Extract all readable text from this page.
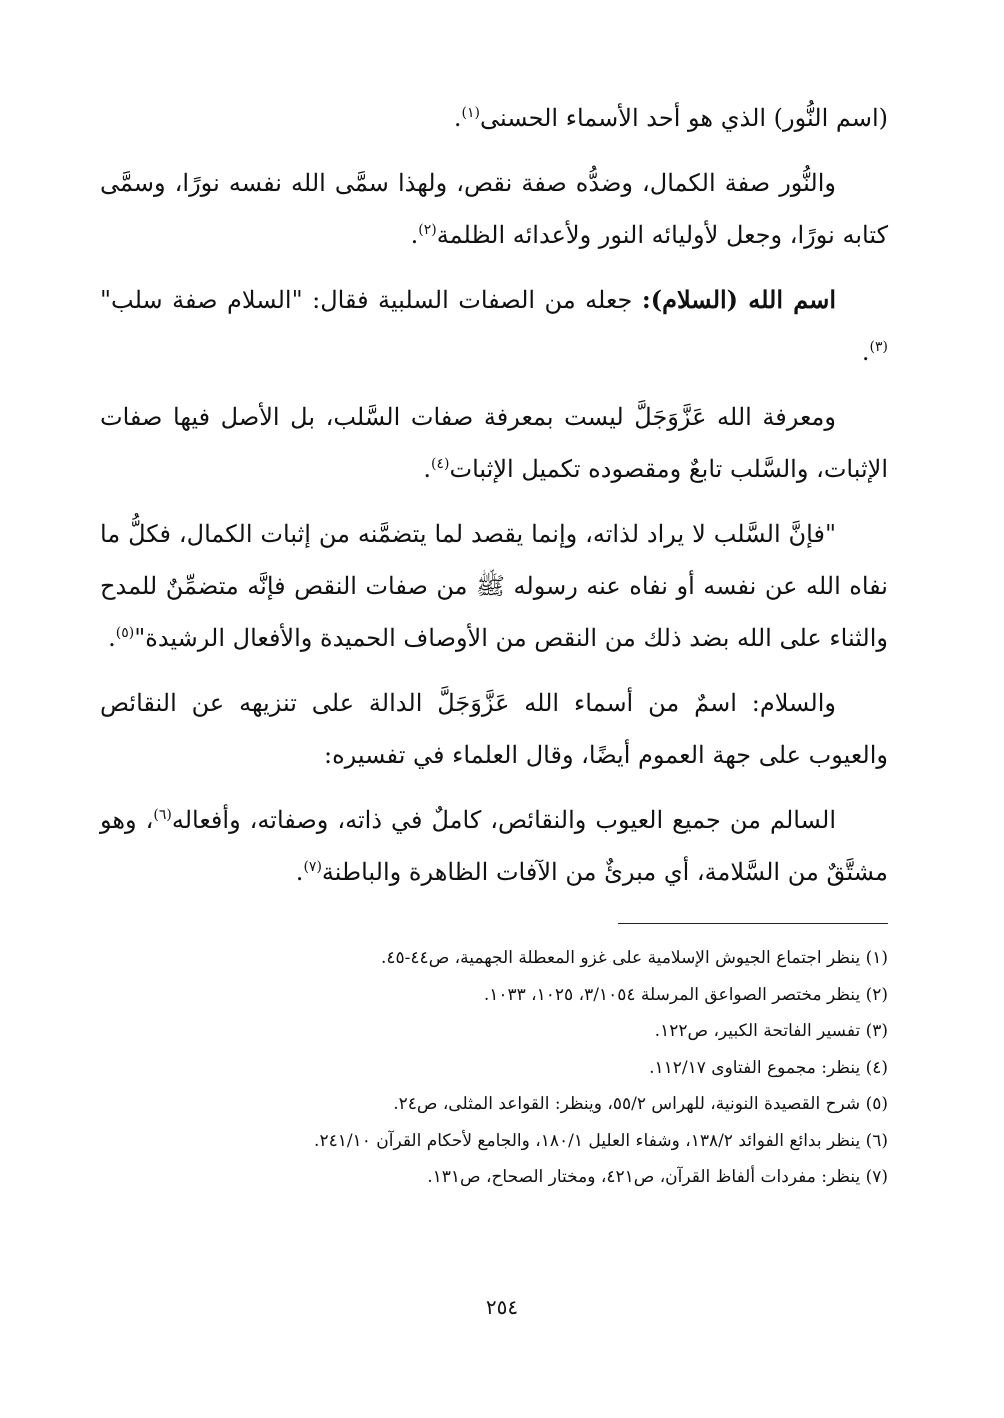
(اسم النُّور) الذي هو أحد الأسماء الحسنى$^{(١)}$.

والنُّور صفة الكمال، وضدُّه صفة نقص، ولهذا سمَّى الله نفسه نورًا، وسمَّى كتابه نورًا، وجعل لأوليائه النور ولأعدائه الظلمة$^{(٢)}$.

اسم الله (السلام): جعله من الصفات السلبية فقال: "السلام صفة سلب"$^{(٣)}$.

ومعرفة الله عَزَّوَجَلَّ ليست بمعرفة صفات السَّلب، بل الأصل فيها صفات الإثبات، والسَّلب تابعٌ ومقصوده تكميل الإثبات$^{(٤)}$.

"فإنَّ السَّلب لا يراد لذاته، وإنما يقصد لما يتضمَّنه من إثبات الكمال، فكلُّ ما نفاه الله عن نفسه أو نفاه عنه رسوله ﷺ من صفات النقص فإنَّه متضمِّنٌ للمدح والثناء على الله بضد ذلك من النقص من الأوصاف الحميدة والأفعال الرشيدة"$^{(٥)}$.

والسلام: اسمٌ من أسماء الله عَزَّوَجَلَّ الدالة على تنزيهه عن النقائص والعيوب على جهة العموم أيضًا، وقال العلماء في تفسيره:

السالم من جميع العيوب والنقائص، كاملٌ في ذاته، وصفاته، وأفعاله$^{(٦)}$، وهو مشتَّقٌ من السَّلامة، أي مبرئٌ من الآفات الظاهرة والباطنة$^{(٧)}$.

(١) ينظر اجتماع الجيوش الإسلامية على غزو المعطلة الجهمية، ص٤٤-٤٥.

(٢) ينظر مختصر الصواعق المرسلة ٣/١٠٥٤، ١٠٢٥، ١٠٣٣.

(٣) تفسير الفاتحة الكبير، ص١٢٢.

(٤) ينظر: مجموع الفتاوى ١١٢/١٧.

(٥) شرح القصيدة النونية، للهراس ٥٥/٢، وينظر: القواعد المثلى، ص٢٤.

(٦) ينظر بدائع الفوائد ١٣٨/٢، وشفاء العليل ١٨٠/١، والجامع لأحكام القرآن ٢٤١/١٠.

(٧) ينظر: مفردات ألفاظ القرآن، ص٤٢١، ومختار الصحاح، ص١٣١.

٢٥٤
